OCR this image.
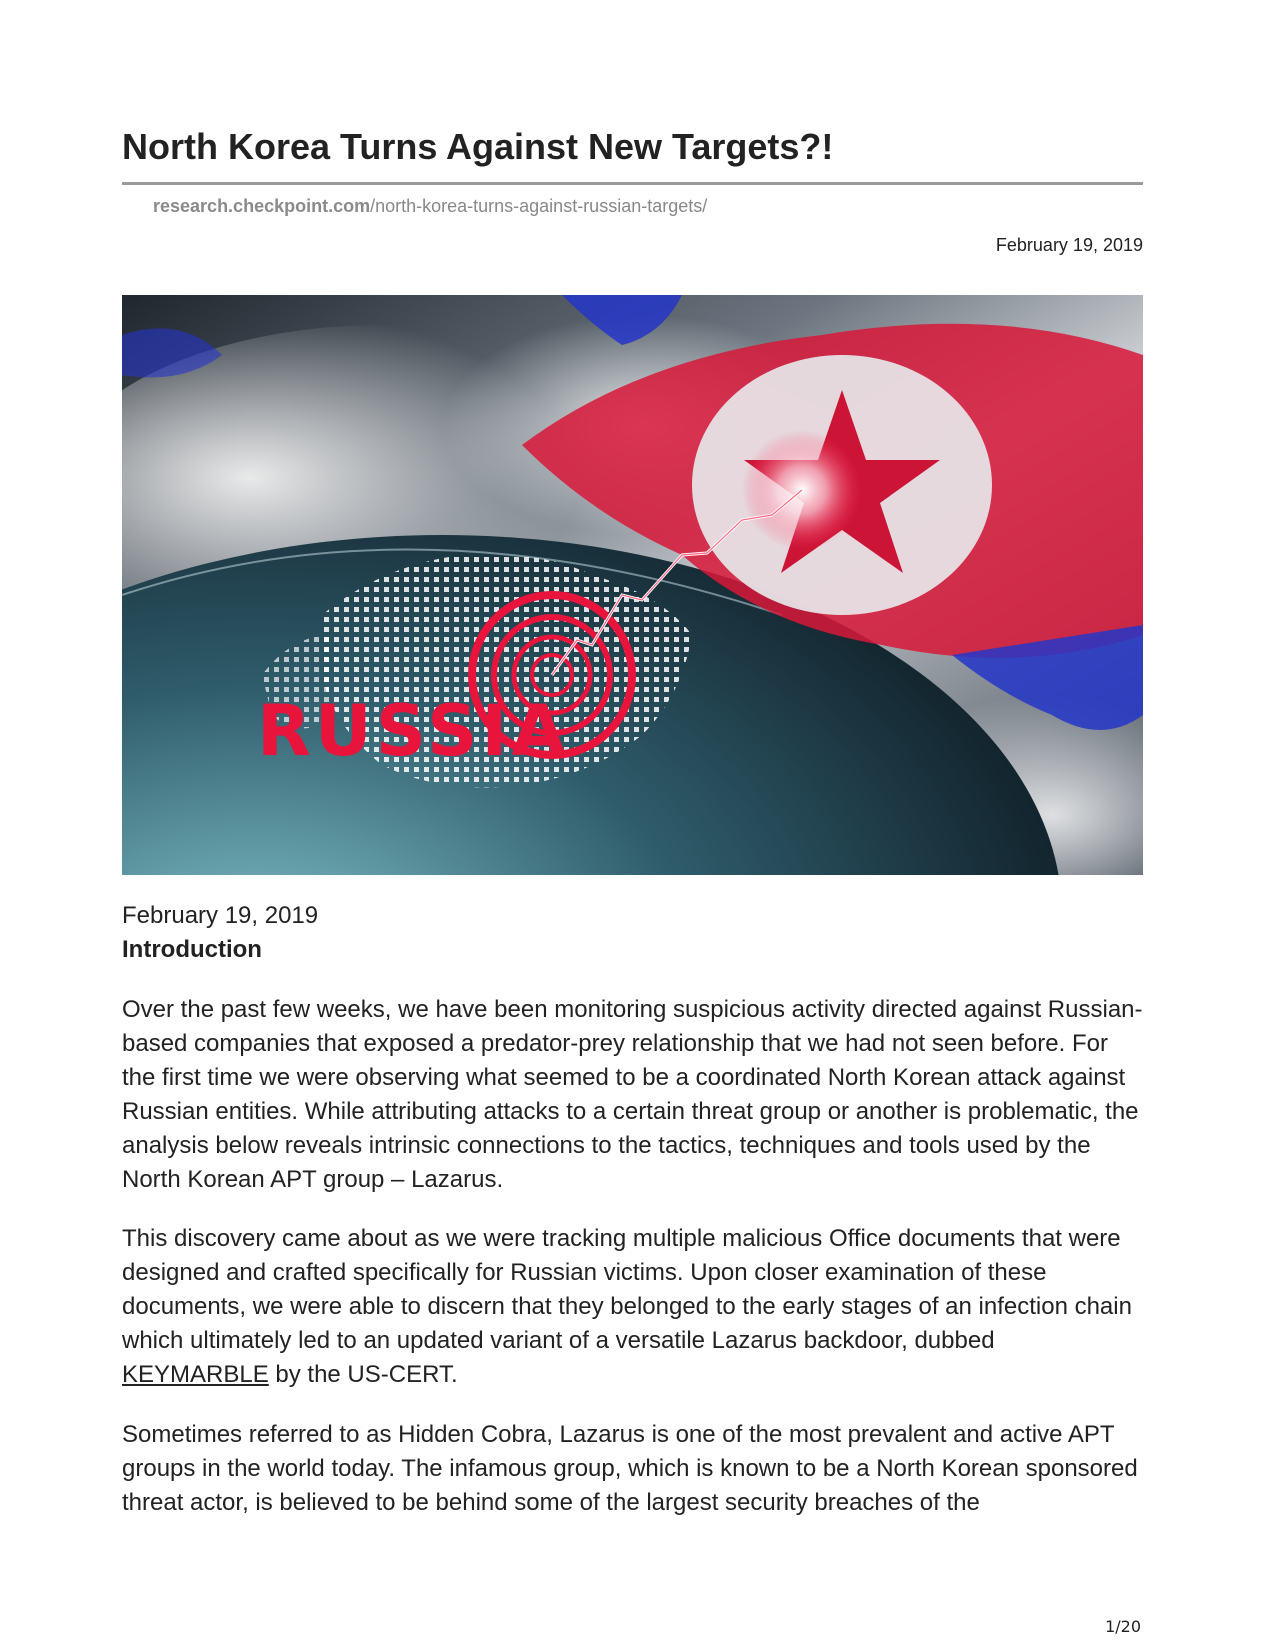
North Korea Turns Against New Targets?!
research.checkpoint.com/north-korea-turns-against-russian-targets/
February 19, 2019
RUSSIA
February 19, 2019
Introduction

Over the past few weeks, we have been monitoring suspicious activity directed against Russian-based companies that exposed a predator-prey relationship that we had not seen before. For the first time we were observing what seemed to be a coordinated North Korean attack against Russian entities. While attributing attacks to a certain threat group or another is problematic, the analysis below reveals intrinsic connections to the tactics, techniques and tools used by the North Korean APT group – Lazarus.

This discovery came about as we were tracking multiple malicious Office documents that were designed and crafted specifically for Russian victims. Upon closer examination of these documents, we were able to discern that they belonged to the early stages of an infection chain which ultimately led to an updated variant of a versatile Lazarus backdoor, dubbed KEYMARBLE by the US-CERT.

Sometimes referred to as Hidden Cobra, Lazarus is one of the most prevalent and active APT groups in the world today. The infamous group, which is known to be a North Korean sponsored threat actor, is believed to be behind some of the largest security breaches of the

1/20
